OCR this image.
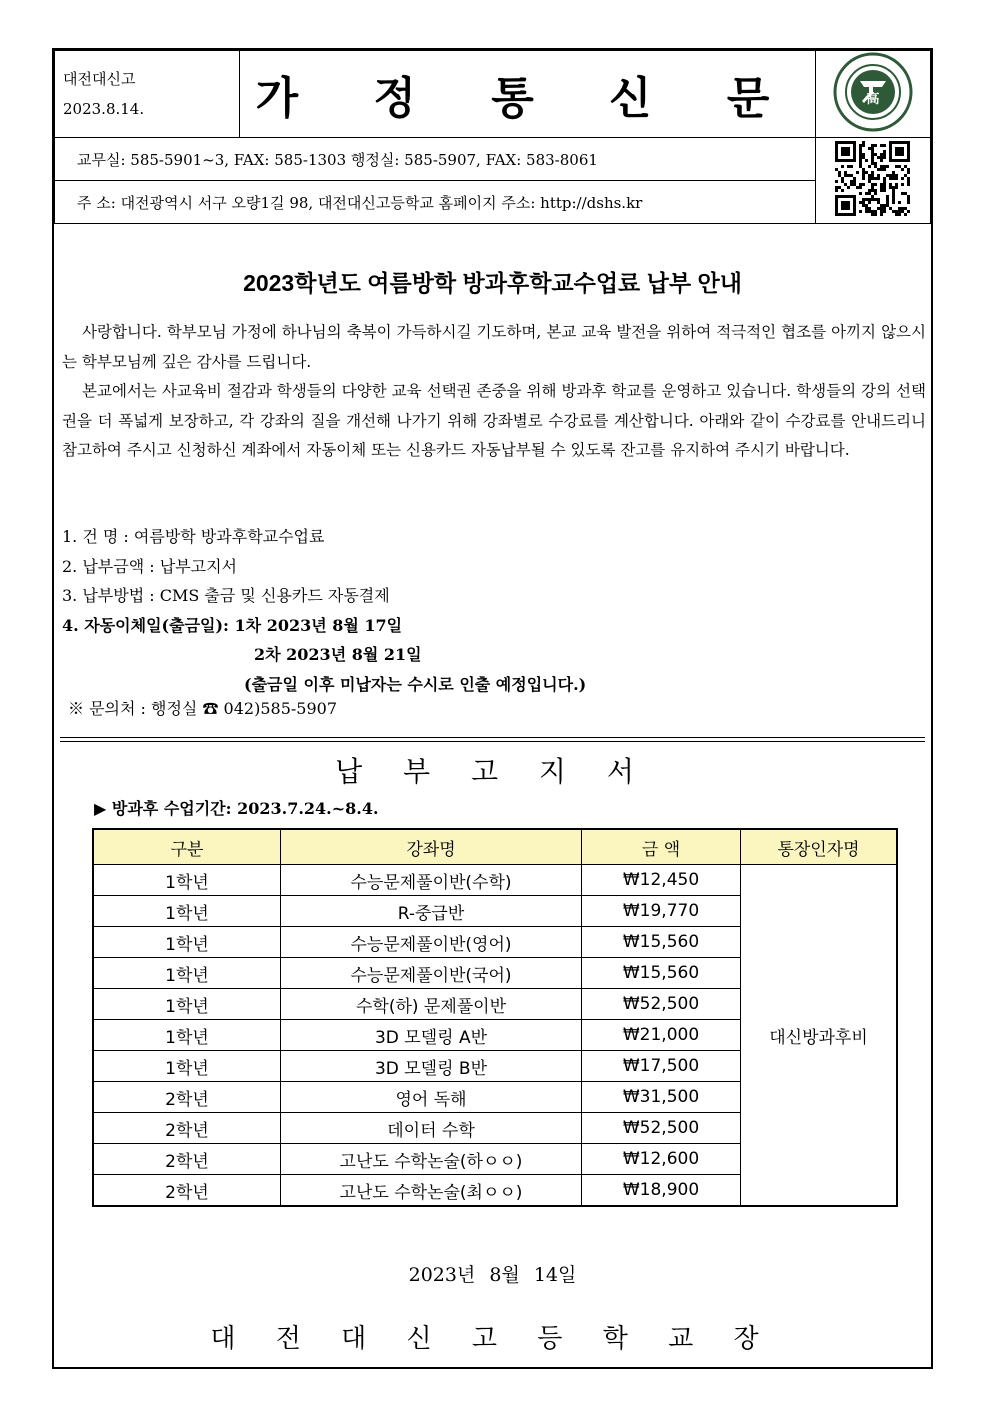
대전대신고
2023.8.14.	가 정 통 신 문	高

교무실: 585-5901~3, FAX: 585-1303 행정실: 585-5907, FAX: 583-8061	
주 소: 대전광역시 서구 오량1길 98, 대전대신고등학교 홈페이지 주소: http://dshs.kr		
2023학년도 여름방학 방과후학교수업료 납부 안내

사랑합니다. 학부모님 가정에 하나님의 축복이 가득하시길 기도하며, 본교 교육 발전을 위하여 적극적인 협조를 아끼지 않으시는 학부모님께 깊은 감사를 드립니다.

본교에서는 사교육비 절감과 학생들의 다양한 교육 선택권 존중을 위해 방과후 학교를 운영하고 있습니다. 학생들의 강의 선택권을 더 폭넓게 보장하고, 각 강좌의 질을 개선해 나가기 위해 강좌별로 수강료를 계산합니다. 아래와 같이 수강료를 안내드리니 참고하여 주시고 신청하신 계좌에서 자동이체 또는 신용카드 자동납부될 수 있도록 잔고를 유지하여 주시기 바랍니다.

1. 건 명 : 여름방학 방과후학교수업료
2. 납부금액 : 납부고지서
3. 납부방법 : CMS 출금 및 신용카드 자동결제
4. 자동이체일(출금일): 1차 2023년 8월 17일
2차 2023년 8월 21일
(출금일 이후 미납자는 수시로 인출 예정입니다.)
※ 문의처 : 행정실 ☎ 042)585-5907
납 부 고 지 서
▶ 방과후 수업기간: 2023.7.24.~8.4.
구분	강좌명	금 액	통장인자명
1학년	수능문제풀이반(수학)	₩12,450	대신방과후비
1학년	R-중급반	₩19,770	
1학년	수능문제풀이반(영어)	₩15,560	
1학년	수능문제풀이반(국어)	₩15,560	
1학년	수학(하) 문제풀이반	₩52,500	
1학년	3D 모델링 A반	₩21,000	
1학년	3D 모델링 B반	₩17,500	
2학년	영어 독해	₩31,500	
2학년	데이터 수학	₩52,500	
2학년	고난도 수학논술(하ㅇㅇ)	₩12,600	
2학년	고난도 수학논술(최ㅇㅇ)	₩18,900	
2023년 8월 14일
대 전 대 신 고 등 학 교 장
